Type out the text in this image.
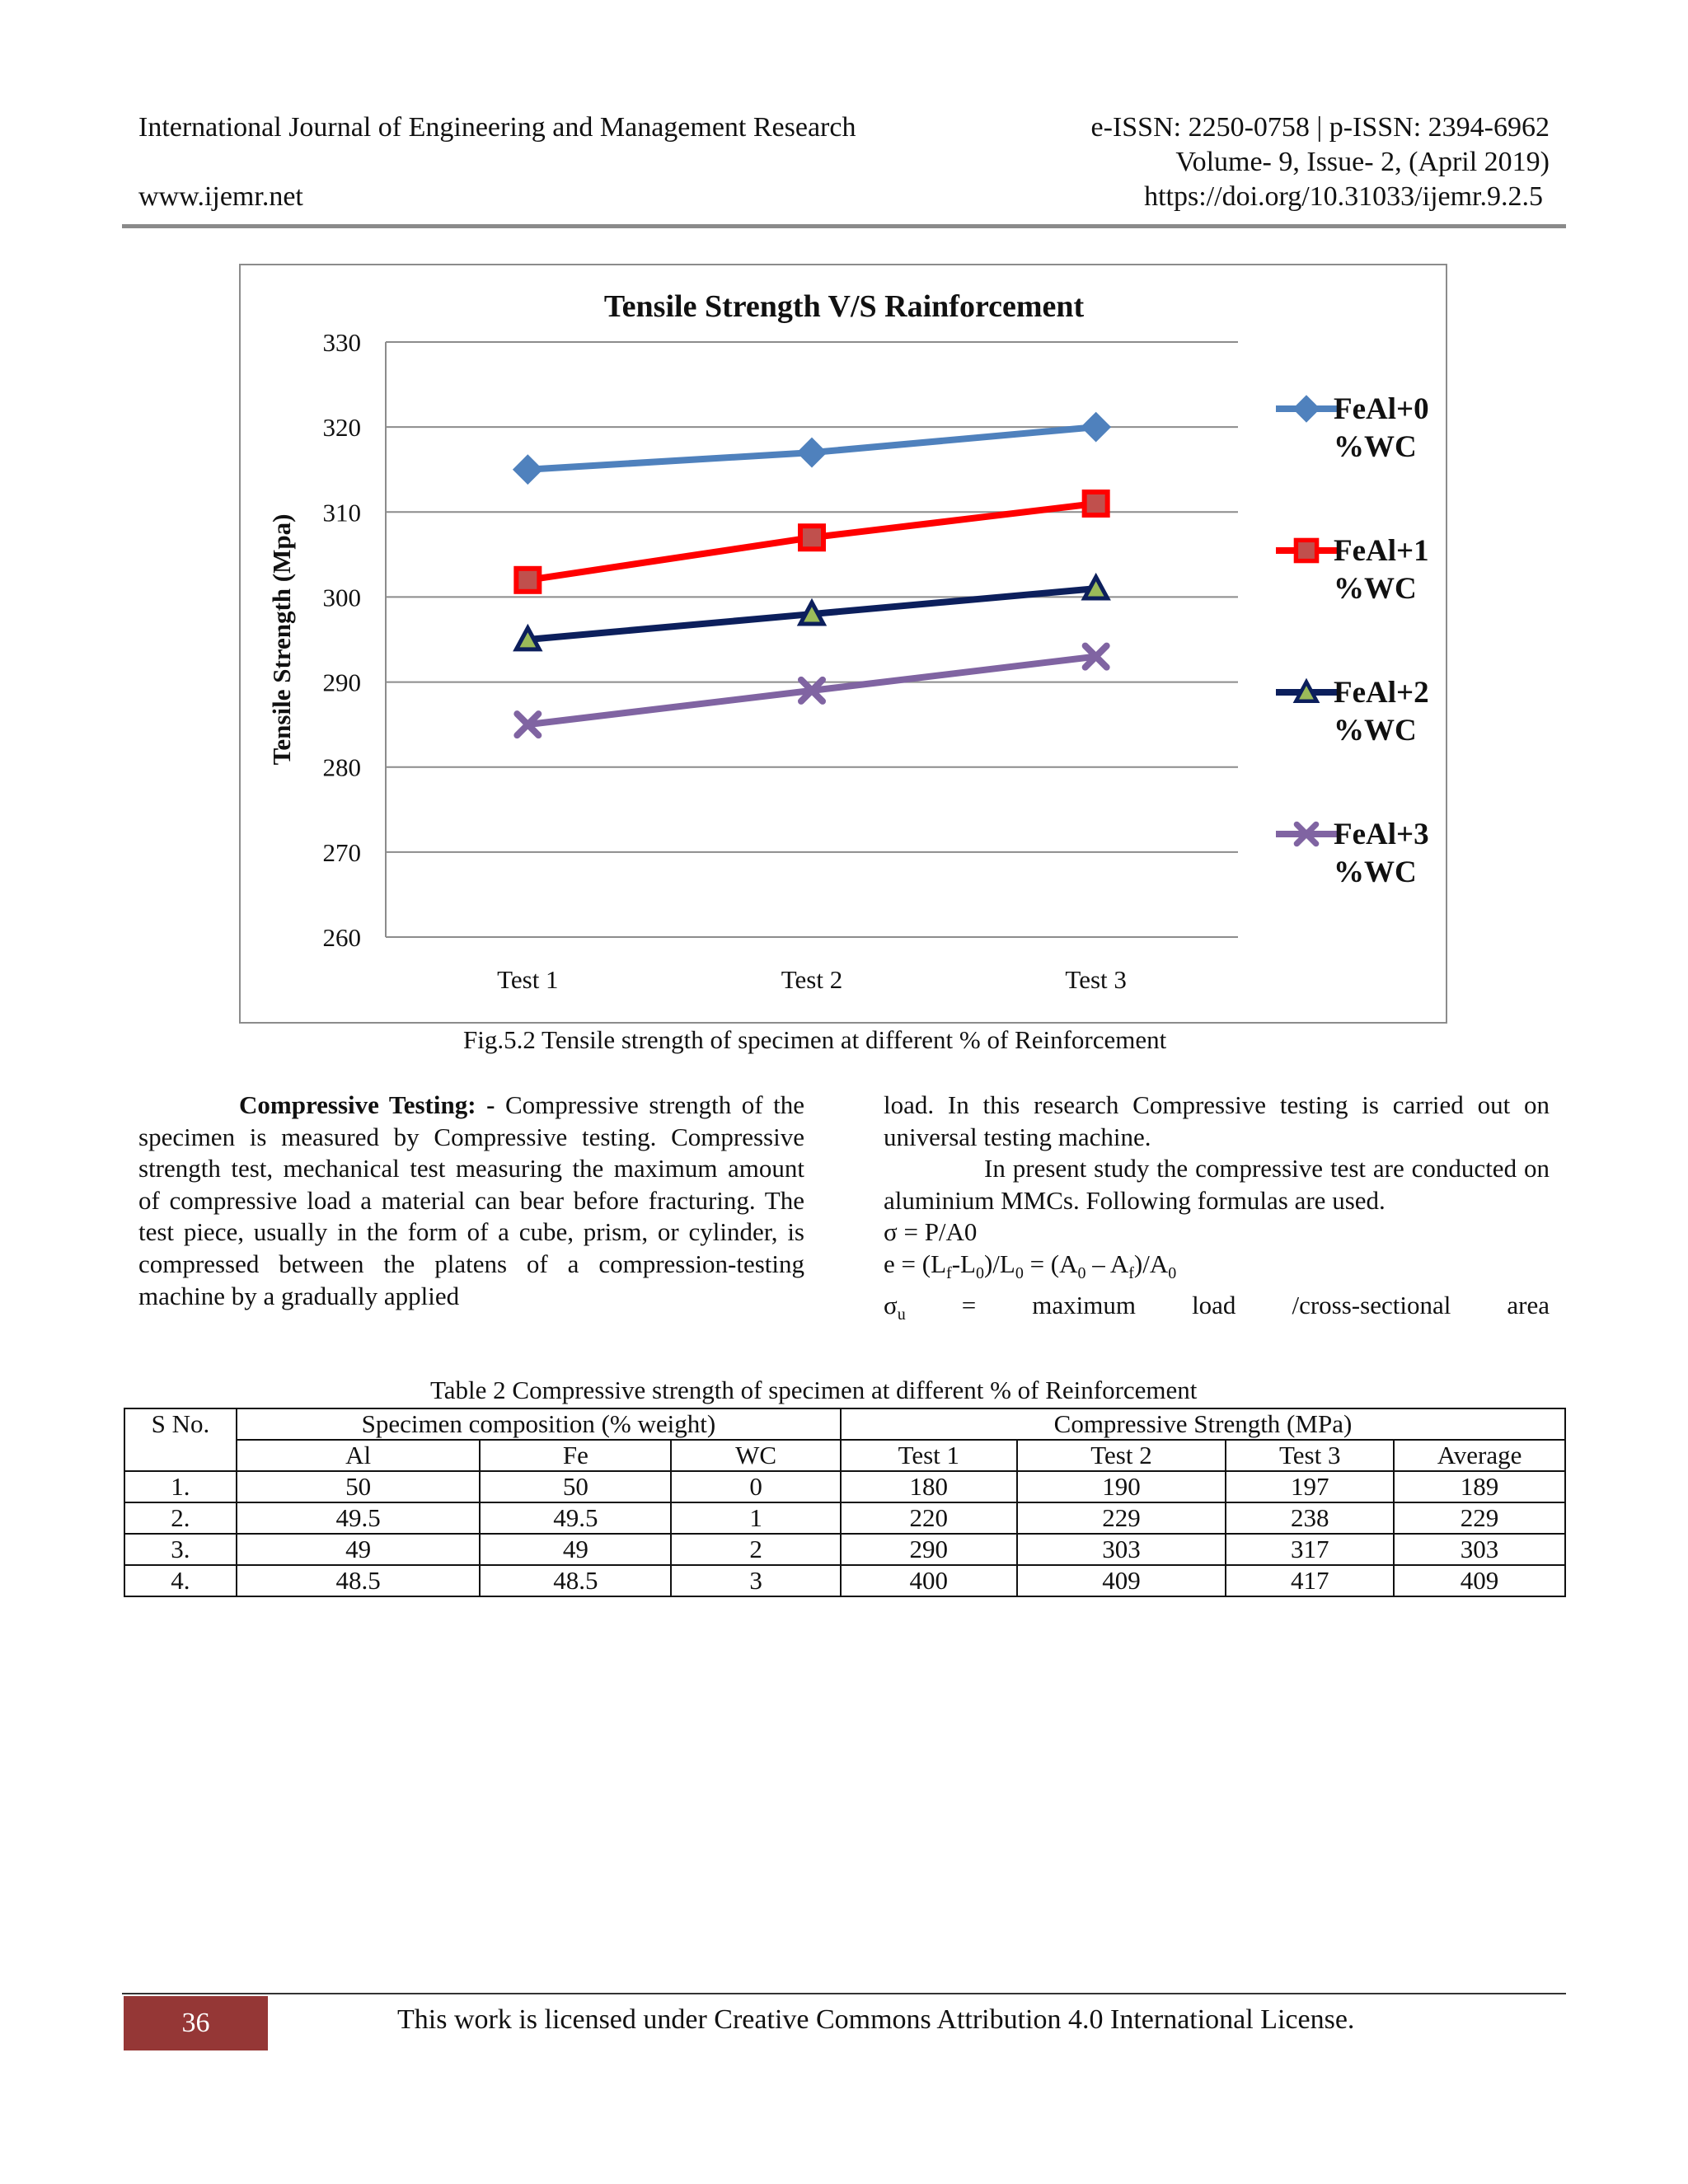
International Journal of Engineering and Management Research	e-ISSN: 2250-0758 | p-ISSN: 2394-6962
Volume- 9, Issue- 2, (April 2019)
www.ijemr.net	https://doi.org/10.31033/ijemr.9.2.5
Tensile Strength V/S Rainforcement
260
270
280
290
300
310
320
330
Tensile Strength (Mpa)
Test 1	Test 2	Test 3
FeAl+0
%WC
FeAl+1
%WC
FeAl+2
%WC
FeAl+3
%WC
Fig.5.2 Tensile strength of specimen at different % of Reinforcement

Compressive Testing: - Compressive strength of the specimen is measured by Compressive testing. Compressive strength test, mechanical test measuring the maximum amount of compressive load a material can bear before fracturing. The test piece, usually in the form of a cube, prism, or cylinder, is compressed between the platens of a compression-testing machine by a gradually applied

load. In this research Compressive testing is carried out on universal testing machine.

In present study the compressive test are conducted on aluminium MMCs. Following formulas are used.

σ = P/A0
$e = (L_f-L_0)/L_0 = (A_0 - A_f)/A_0$
$\sigma_u$ = maximum load /cross-sectional area
Table 2 Compressive strength of specimen at different % of Reinforcement
S No.	Specimen composition (% weight)			Compressive Strength (MPa)			
	Al	Fe	WC	Test 1	Test 2	Test 3	Average
1.	50	50	0	180	190	197	189
2.	49.5	49.5	1	220	229	238	229
3.	49	49	2	290	303	317	303
4.	48.5	48.5	3	400	409	417	409
36	This work is licensed under Creative Commons Attribution 4.0 International License.
